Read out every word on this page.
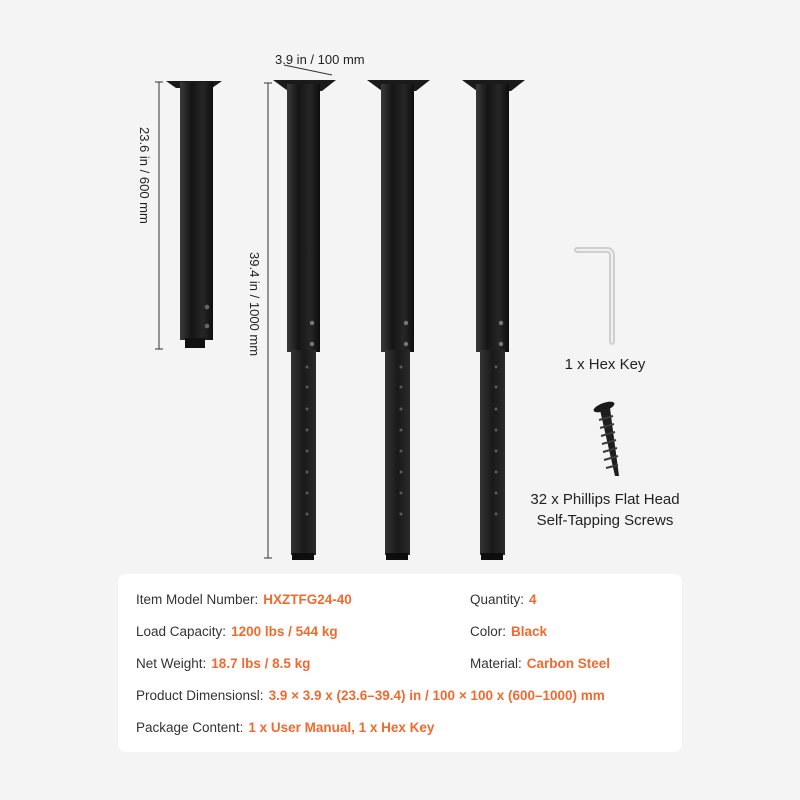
3.9 in / 100 mm
23.6 in / 600 mm
39.4 in / 1000 mm
1 x Hex Key
32 x Phillips Flat Head
Self-Tapping Screws
Item Model Number: HXZTFG24-40	Quantity: 4
Load Capacity: 1200 lbs / 544 kg	Color: Black
Net Weight: 18.7 lbs / 8.5 kg	Material: Carbon Steel
Product Dimensionsl: 3.9 × 3.9 x (23.6–39.4) in / 100 × 100 x (600–1000) mm
Package Content: 1 x User Manual, 1 x Hex Key
